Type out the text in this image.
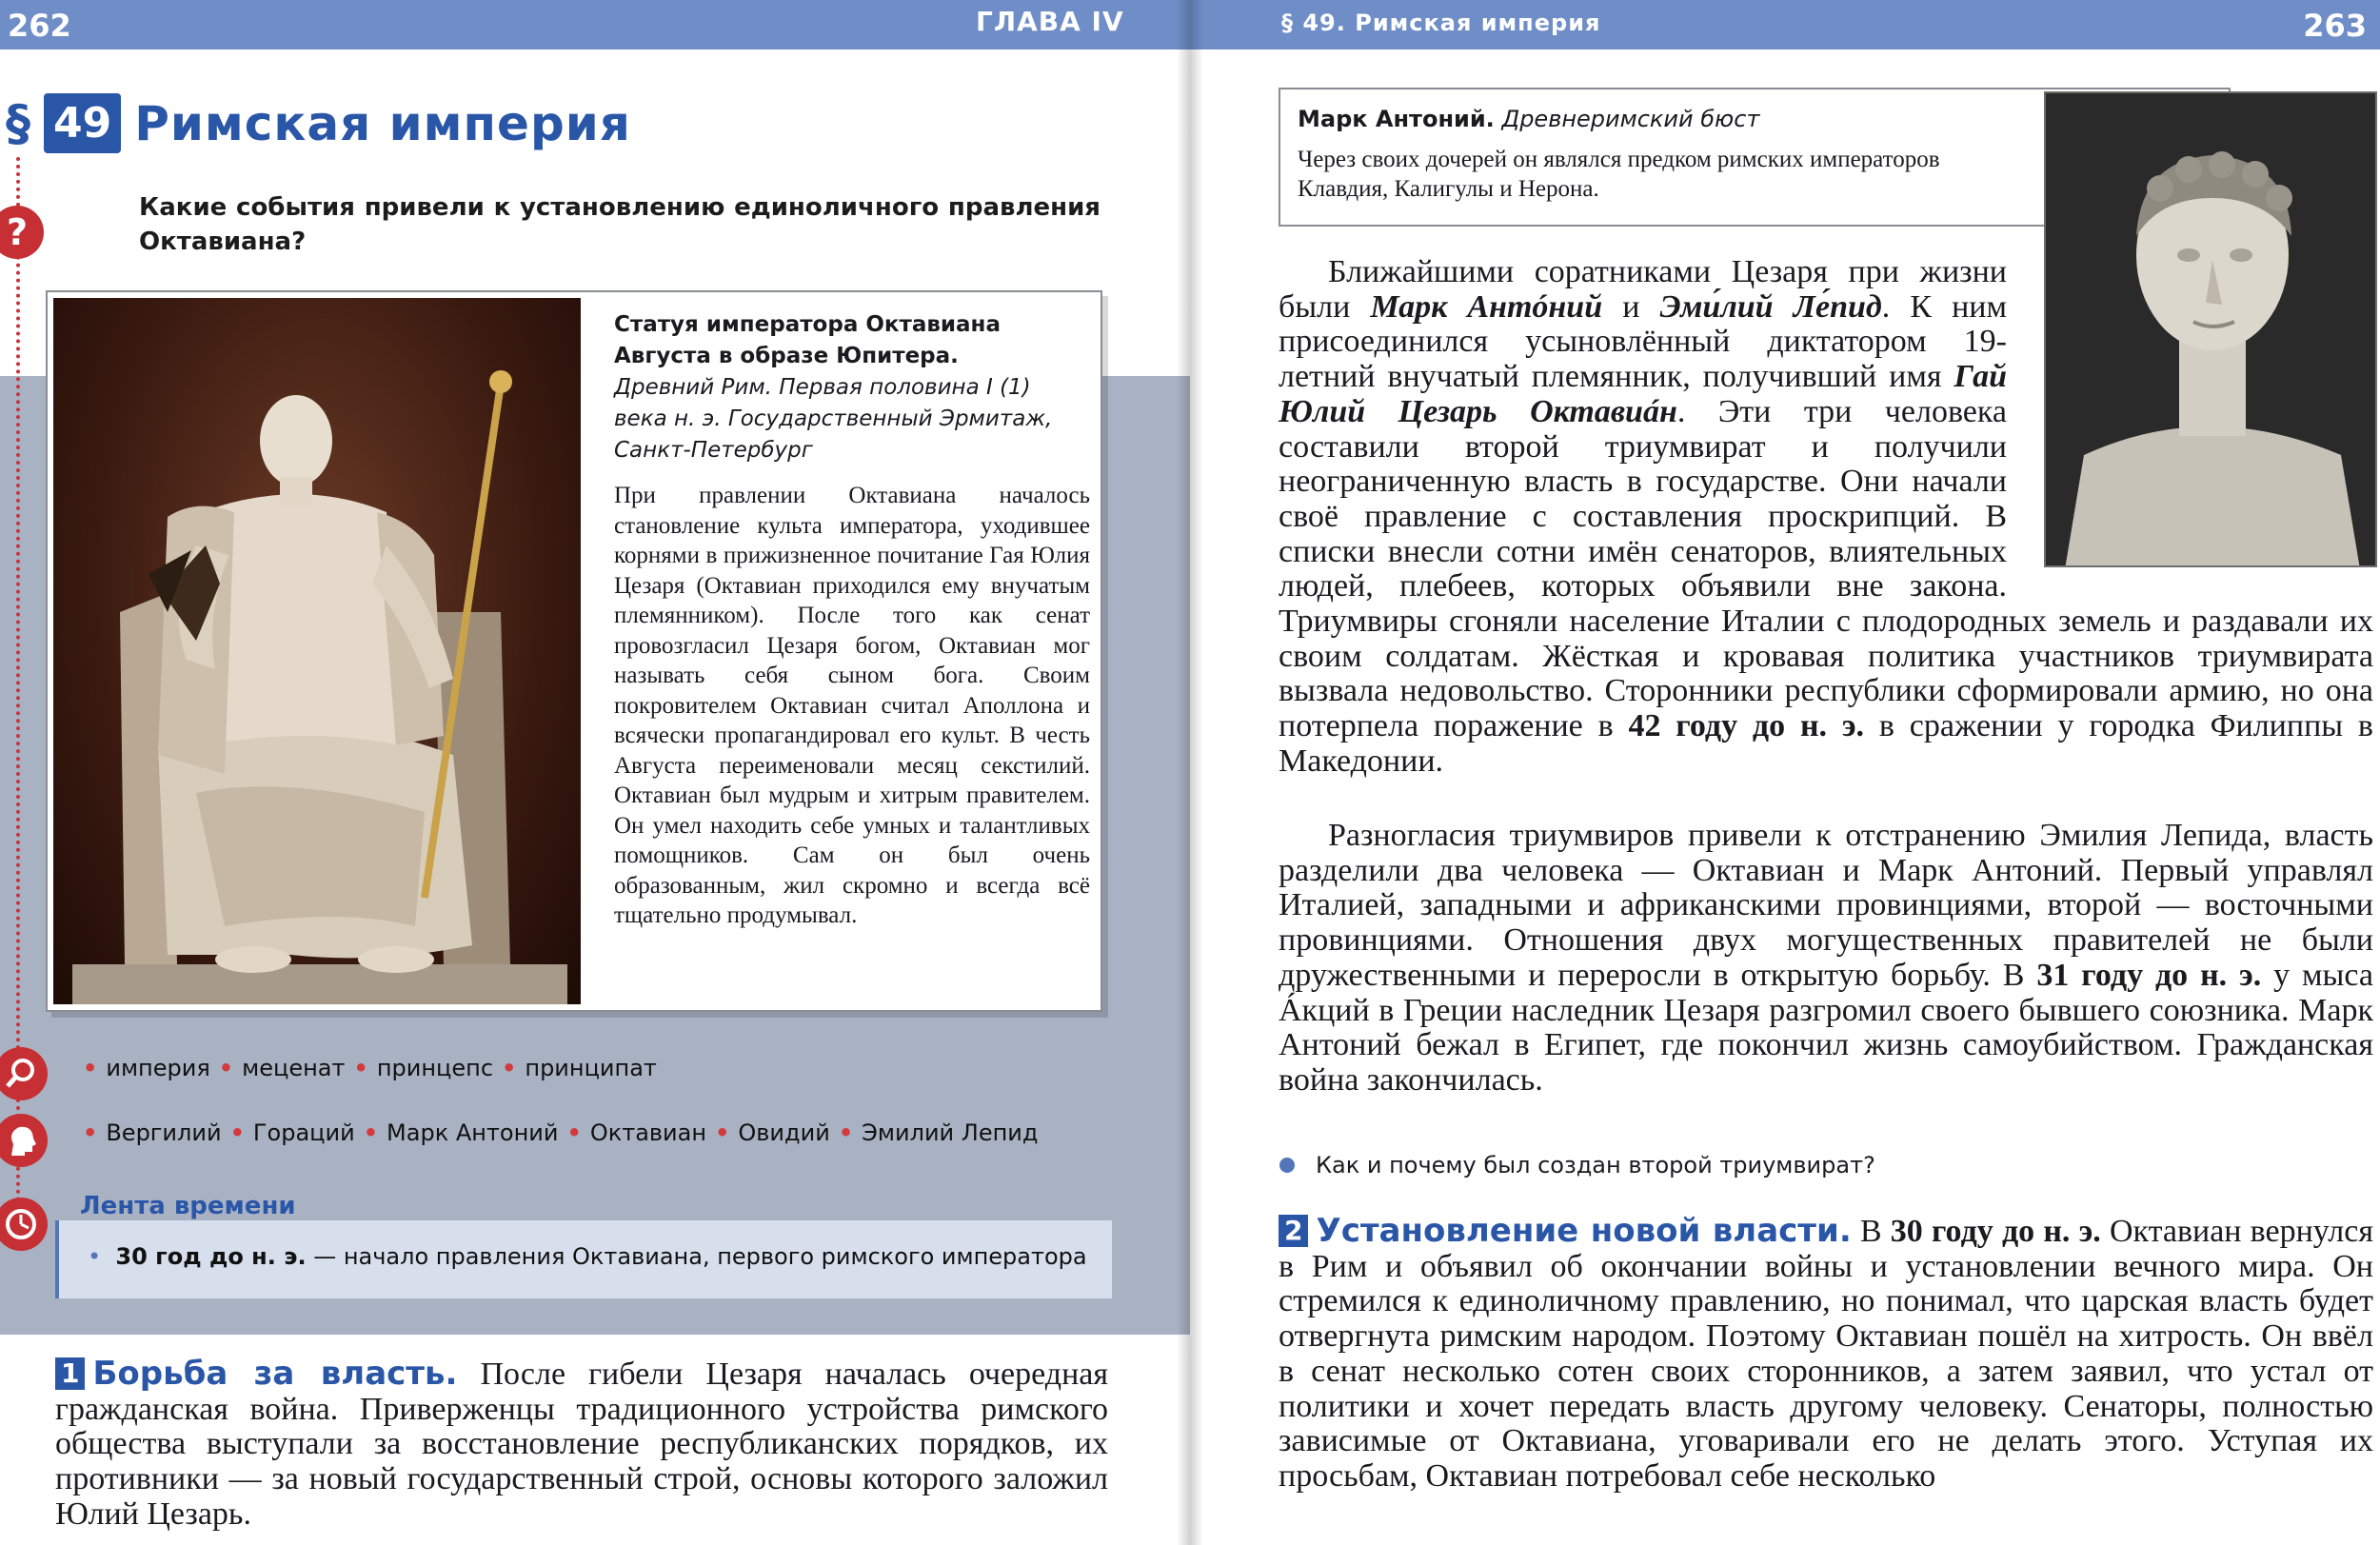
262	ГЛАВА IV
§ 49 Римская империя
?
Какие события привели к установлению единоличного правления Октавиана?
Статуя императора Октавиана Августа в образе Юпитера.
Древний Рим. Первая половина I (1) века н. э. Государственный Эрмитаж, Санкт-Петербург
При правлении Октавиана началось становление культа императора, уходившее корнями в прижизненное почитание Гая Юлия Цезаря (Октавиан приходился ему внучатым племянником). После того как сенат провозгласил Цезаря богом, Октавиан мог называть себя сыном бога. Своим покровителем Октавиан считал Аполлона и всячески пропагандировал его культ. В честь Августа переименовали месяц секстилий. Октавиан был мудрым и хитрым правителем. Он умел находить себе умных и талантливых помощников. Сам он был очень образованным, жил скромно и всегда всё тщательно продумывал.
• империя • меценат • принцепс • принципат
• Вергилий • Гораций • Марк Антоний • Октавиан • Овидий • Эмилий Лепид
Лента времени
•  30 год до н. э. — начало правления Октавиана, первого римского императора
1 Борьба за власть. После гибели Цезаря началась очередная гражданская война. Приверженцы традиционного устройства римского общества выступали за восстановление республиканских порядков, их противники — за новый государственный строй, основы которого заложил Юлий Цезарь.
§ 49. Римская империя	263
Марк Антоний. Древнеримский бюст
Через своих дочерей он являлся предком римских императоров Клавдия, Калигулы и Нерона.
Ближайшими соратниками Цезаря при жизни были Марк Антóний и Эми́лий Ле́пид. К ним присоединился усыновлённый диктатором 19-летний внучатый племянник, получивший имя Гай Юлий Цезарь Октавиáн. Эти три человека составили второй триумвират и получили неограниченную власть в государстве. Они начали своё правление с составления проскрипций. В списки внесли сотни имён сенаторов, влиятельных людей, плебеев, которых объявили вне закона. Триумвиры сгоняли население Италии с плодородных земель и раздавали их своим солдатам. Жёсткая и кровавая политика участников триумвирата вызвала недовольство. Сторонники республики сформировали армию, но она потерпела поражение в 42 году до н. э. в сражении у городка Филиппы в Македонии.
Разногласия триумвиров привели к отстранению Эмилия Лепида, власть разделили два человека — Октавиан и Марк Антоний. Первый управлял Италией, западными и африканскими провинциями, второй — восточными провинциями. Отношения двух могущественных правителей не были дружественными и переросли в открытую борьбу. В 31 году до н. э. у мыса Áкций в Греции наследник Цезаря разгромил своего бывшего союзника. Марк Антоний бежал в Египет, где покончил жизнь самоубийством. Гражданская война закончилась.
Как и почему был создан второй триумвират?
2 Установление новой власти. В 30 году до н. э. Октавиан вернулся в Рим и объявил об окончании войны и установлении вечного мира. Он стремился к единоличному правлению, но понимал, что царская власть будет отвергнута римским народом. Поэтому Октавиан пошёл на хитрость. Он ввёл в сенат несколько сотен своих сторонников, а затем заявил, что устал от политики и хочет передать власть другому человеку. Сенаторы, полностью зависимые от Октавиана, уговаривали его не делать этого. Уступая их просьбам, Октавиан потребовал себе несколько
